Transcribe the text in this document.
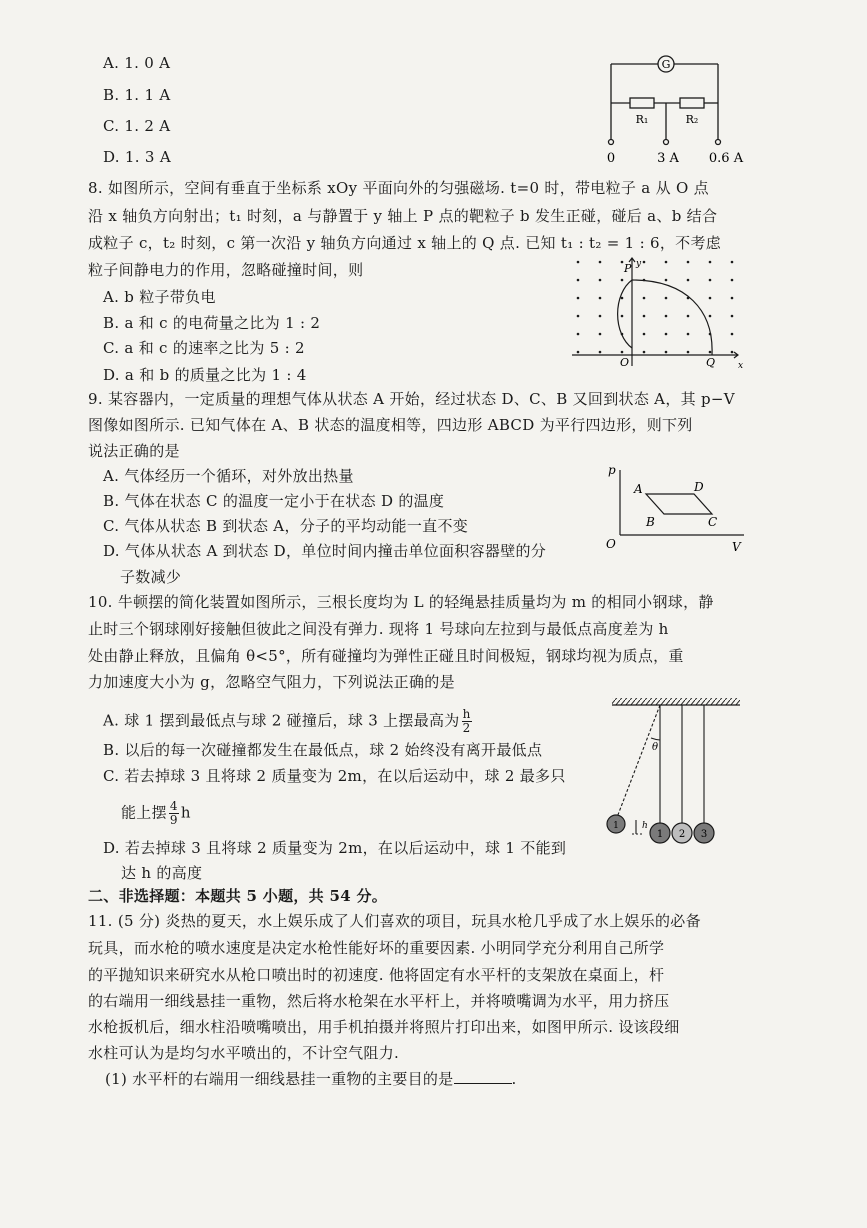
A. 1. 0 A
B. 1. 1 A
C. 1. 2 A
D. 1. 3 A
G
R₁	R₂
0	3 A 0.6 A
8. 如图所示，空间有垂直于坐标系 xOy 平面向外的匀强磁场. t=0 时，带电粒子 a 从 O 点
沿 x 轴负方向射出；t₁ 时刻，a 与静置于 y 轴上 P 点的靶粒子 b 发生正碰，碰后 a、b 结合
成粒子 c，t₂ 时刻，c 第一次沿 y 轴负方向通过 x 轴上的 Q 点. 已知 t₁ : t₂ = 1 : 6，不考虑
粒子间静电力的作用，忽略碰撞时间，则
A. b 粒子带负电
B. a 和 c 的电荷量之比为 1 : 2
C. a 和 c 的速率之比为 5 : 2
D. a 和 b 的质量之比为 1 : 4
P y
O	Q	x
9. 某容器内，一定质量的理想气体从状态 A 开始，经过状态 D、C、B 又回到状态 A，其 p−V
图像如图所示. 已知气体在 A、B 状态的温度相等，四边形 ABCD 为平行四边形，则下列
说法正确的是
A. 气体经历一个循环，对外放出热量
B. 气体在状态 C 的温度一定小于在状态 D 的温度
C. 气体从状态 B 到状态 A，分子的平均动能一直不变
D. 气体从状态 A 到状态 D，单位时间内撞击单位面积容器壁的分
子数减少
p
V
O
A	D
B	C
10. 牛顿摆的简化装置如图所示，三根长度均为 L 的轻绳悬挂质量均为 m 的相同小钢球，静
止时三个钢球刚好接触但彼此之间没有弹力. 现将 1 号球向左拉到与最低点高度差为 h
处由静止释放，且偏角 θ<5°，所有碰撞均为弹性正碰且时间极短，钢球均视为质点，重
力加速度大小为 g，忽略空气阻力，下列说法正确的是
A. 球 1 摆到最低点与球 2 碰撞后，球 3 上摆最高为 $\frac{h}{2}$
B. 以后的每一次碰撞都发生在最低点，球 2 始终没有离开最低点
C. 若去掉球 3 且将球 2 质量变为 2m，在以后运动中，球 2 最多只
能上摆 $\frac{4}{9}$ h
D. 若去掉球 3 且将球 2 质量变为 2m，在以后运动中，球 1 不能到
达 h 的高度
θ
h
1
1 2 3
二、非选择题：本题共 5 小题，共 54 分。
11. (5 分) 炎热的夏天，水上娱乐成了人们喜欢的项目，玩具水枪几乎成了水上娱乐的必备
玩具，而水枪的喷水速度是决定水枪性能好坏的重要因素. 小明同学充分利用自己所学
的平抛知识来研究水从枪口喷出时的初速度. 他将固定有水平杆的支架放在桌面上，杆
的右端用一细线悬挂一重物，然后将水枪架在水平杆上，并将喷嘴调为水平，用力挤压
水枪扳机后，细水柱沿喷嘴喷出，用手机拍摄并将照片打印出来，如图甲所示. 设该段细
水柱可认为是均匀水平喷出的，不计空气阻力.
(1) 水平杆的右端用一细线悬挂一重物的主要目的是	.
